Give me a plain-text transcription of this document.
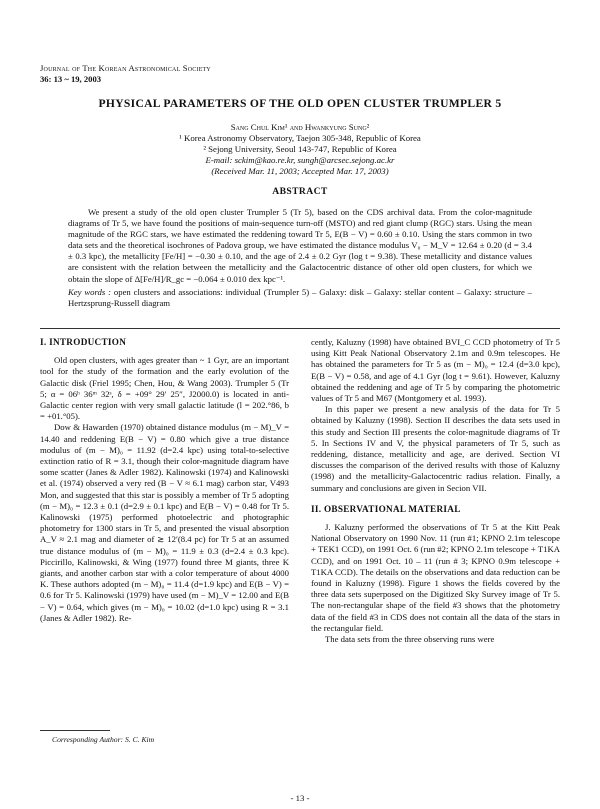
Journal of The Korean Astronomical Society
36: 13 ~ 19, 2003
PHYSICAL PARAMETERS OF THE OLD OPEN CLUSTER TRUMPLER 5
Sang Chul Kim¹ and Hwankyung Sung²
¹ Korea Astronomy Observatory, Taejon 305-348, Republic of Korea
² Sejong University, Seoul 143-747, Republic of Korea
E-mail: sckim@kao.re.kr, sungh@arcsec.sejong.ac.kr
(Received Mar. 11, 2003; Accepted Mar. 17, 2003)
ABSTRACT
We present a study of the old open cluster Trumpler 5 (Tr 5), based on the CDS archival data. From the color-magnitude diagrams of Tr 5, we have found the positions of main-sequence turn-off (MSTO) and red giant clump (RGC) stars. Using the mean magnitude of the RGC stars, we have estimated the reddening toward Tr 5, E(B − V) = 0.60 ± 0.10. Using the stars common in two data sets and the theoretical isochrones of Padova group, we have estimated the distance modulus V₀ − M_V = 12.64 ± 0.20 (d = 3.4 ± 0.3 kpc), the metallicity [Fe/H] = −0.30 ± 0.10, and the age of 2.4 ± 0.2 Gyr (log t = 9.38). These metallicity and distance values are consistent with the relation between the metallicity and the Galactocentric distance of other old open clusters, for which we obtain the slope of Δ[Fe/H]/R_gc = −0.064 ± 0.010 dex kpc⁻¹.
Key words : open clusters and associations: individual (Trumpler 5) – Galaxy: disk – Galaxy: stellar content – Galaxy: structure – Hertzsprung-Russell diagram
I. INTRODUCTION

Old open clusters, with ages greater than ~ 1 Gyr, are an important tool for the study of the formation and the early evolution of the Galactic disk (Friel 1995; Chen, Hou, & Wang 2003). Trumpler 5 (Tr 5; α = 06ʰ 36ᵐ 32ˢ, δ = +09° 29′ 25″, J2000.0) is located in anti-Galactic center region with very small galactic latitude (l = 202.°86, b = +01.°05).

Dow & Hawarden (1970) obtained distance modulus (m − M)_V = 14.40 and reddening E(B − V) = 0.80 which give a true distance modulus of (m − M)₀ = 11.92 (d=2.4 kpc) using total-to-selective extinction ratio of R = 3.1, though their color-magnitude diagram have some scatter (Janes & Adler 1982). Kalinowski (1974) and Kalinowski et al. (1974) observed a very red (B − V ≈ 6.1 mag) carbon star, V493 Mon, and suggested that this star is possibly a member of Tr 5 adopting (m − M)₀ = 12.3 ± 0.1 (d=2.9 ± 0.1 kpc) and E(B − V) = 0.48 for Tr 5. Kalinowski (1975) performed photoelectric and photographic photometry for 1300 stars in Tr 5, and presented the visual absorption A_V ≈ 2.1 mag and diameter of ≳ 12′(8.4 pc) for Tr 5 at an assumed true distance modulus of (m − M)₀ = 11.9 ± 0.3 (d=2.4 ± 0.3 kpc). Piccirillo, Kalinowski, & Wing (1977) found three M giants, three K giants, and another carbon star with a color temperature of about 4000 K. These authors adopted (m − M)₀ = 11.4 (d=1.9 kpc) and E(B − V) = 0.6 for Tr 5. Kalinowski (1979) have used (m − M)_V = 12.00 and E(B − V) = 0.64, which gives (m − M)₀ = 10.02 (d=1.0 kpc) using R = 3.1 (Janes & Adler 1982). Re-

cently, Kaluzny (1998) have obtained BVI_C CCD photometry of Tr 5 using Kitt Peak National Observatory 2.1m and 0.9m telescopes. He has obtained the parameters for Tr 5 as (m − M)₀ = 12.4 (d=3.0 kpc), E(B − V) = 0.58, and age of 4.1 Gyr (log t = 9.61). However, Kaluzny obtained the reddening and age of Tr 5 by comparing the photometric values of Tr 5 and M67 (Montgomery et al. 1993).

In this paper we present a new analysis of the data for Tr 5 obtained by Kaluzny (1998). Section II describes the data sets used in this study and Section III presents the color-magnitude diagrams of Tr 5. In Sections IV and V, the physical parameters of Tr 5, such as reddening, distance, metallicity and age, are derived. Section VI discusses the comparison of the derived results with those of Kaluzny (1998) and the metallicity-Galactocentric radius relation. Finally, a summary and conclusions are given in Secion VII.

II. OBSERVATIONAL MATERIAL

J. Kaluzny performed the observations of Tr 5 at the Kitt Peak National Observatory on 1990 Nov. 11 (run #1; KPNO 2.1m telescope + TEK1 CCD), on 1991 Oct. 6 (run #2; KPNO 2.1m telescope + T1KA CCD), and on 1991 Oct. 10 – 11 (run # 3; KPNO 0.9m telescope + T1KA CCD). The details on the observations and data reduction can be found in Kaluzny (1998). Figure 1 shows the fields covered by the three data sets superposed on the Digitized Sky Survey image of Tr 5. The non-rectangular shape of the field #3 shows that the photometry data of the field #3 in CDS does not contain all the data of the stars in the rectangular field.

The data sets from the three observing runs were

Corresponding Author: S. C. Kim
- 13 -
